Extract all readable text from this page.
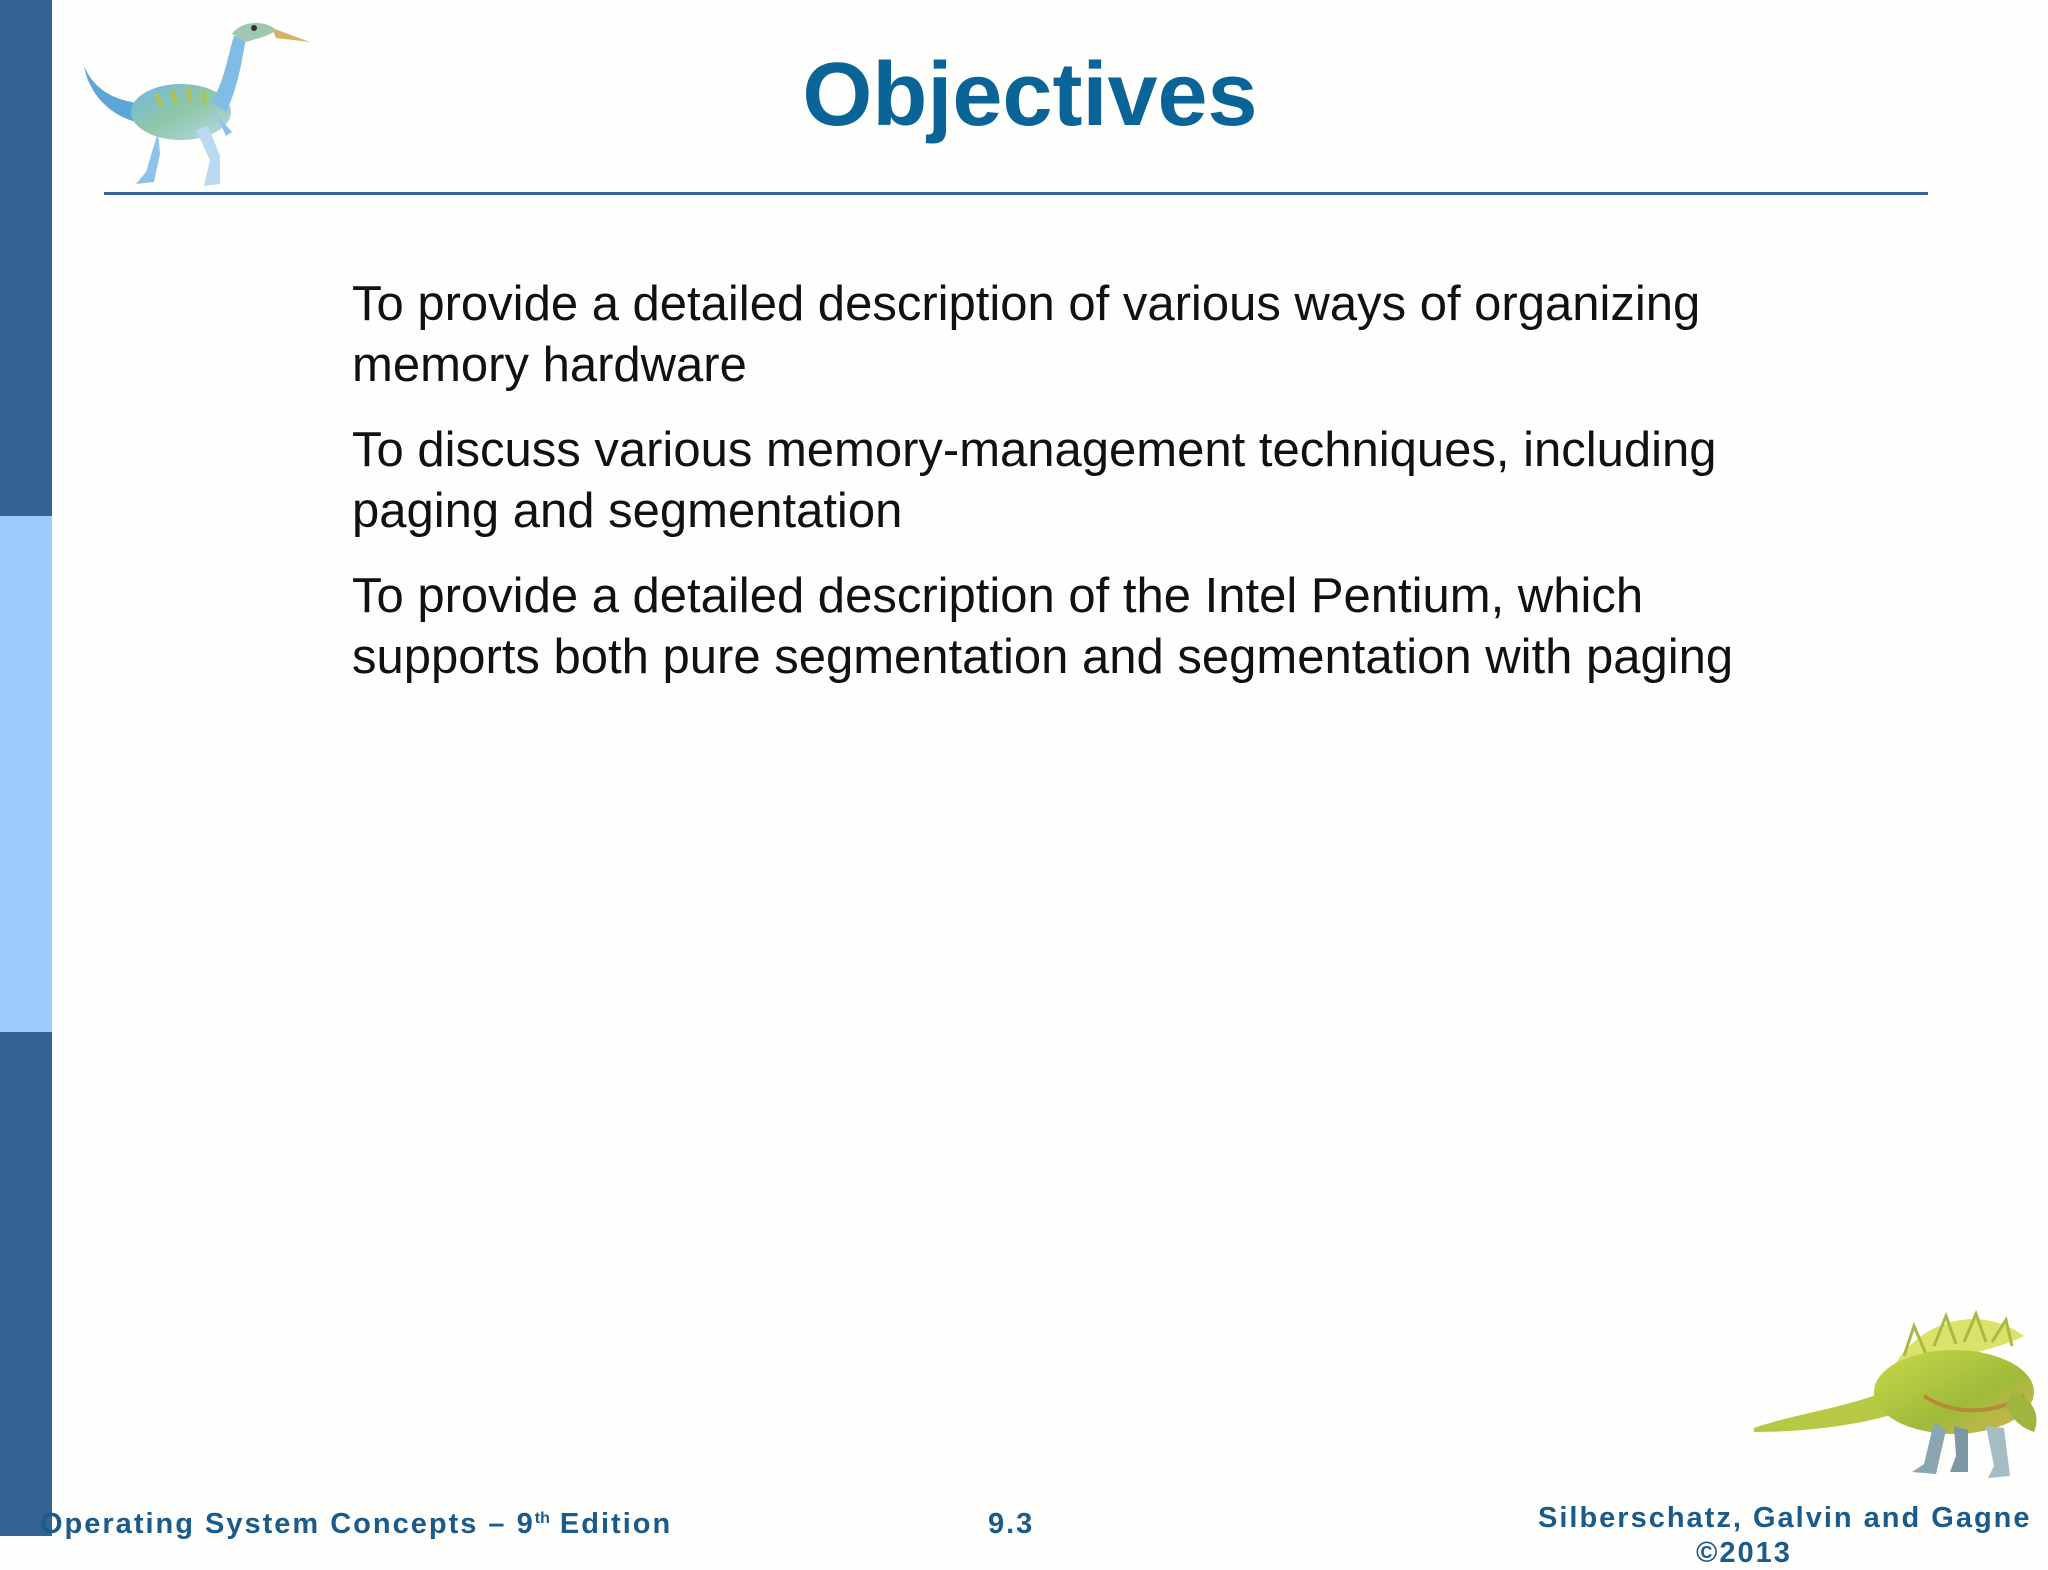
Objectives
To provide a detailed description of various ways of organizing memory hardware
To discuss various memory-management techniques, including paging and segmentation
To provide a detailed description of the Intel Pentium, which supports both pure segmentation and segmentation with paging
Operating System Concepts – 9th Edition	9.3	Silberschatz, Galvin and Gagne
©2013
